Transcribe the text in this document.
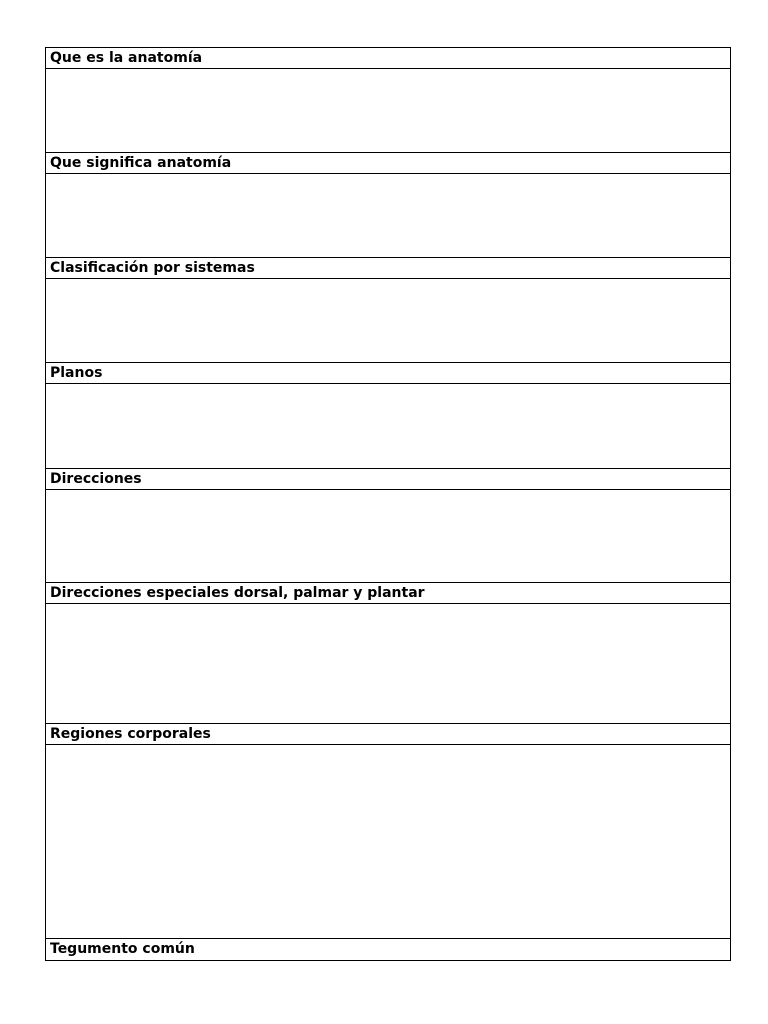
Que es la anatomía
Que significa anatomía
Clasificación por sistemas
Planos
Direcciones
Direcciones especiales dorsal, palmar y plantar
Regiones corporales
Tegumento común
